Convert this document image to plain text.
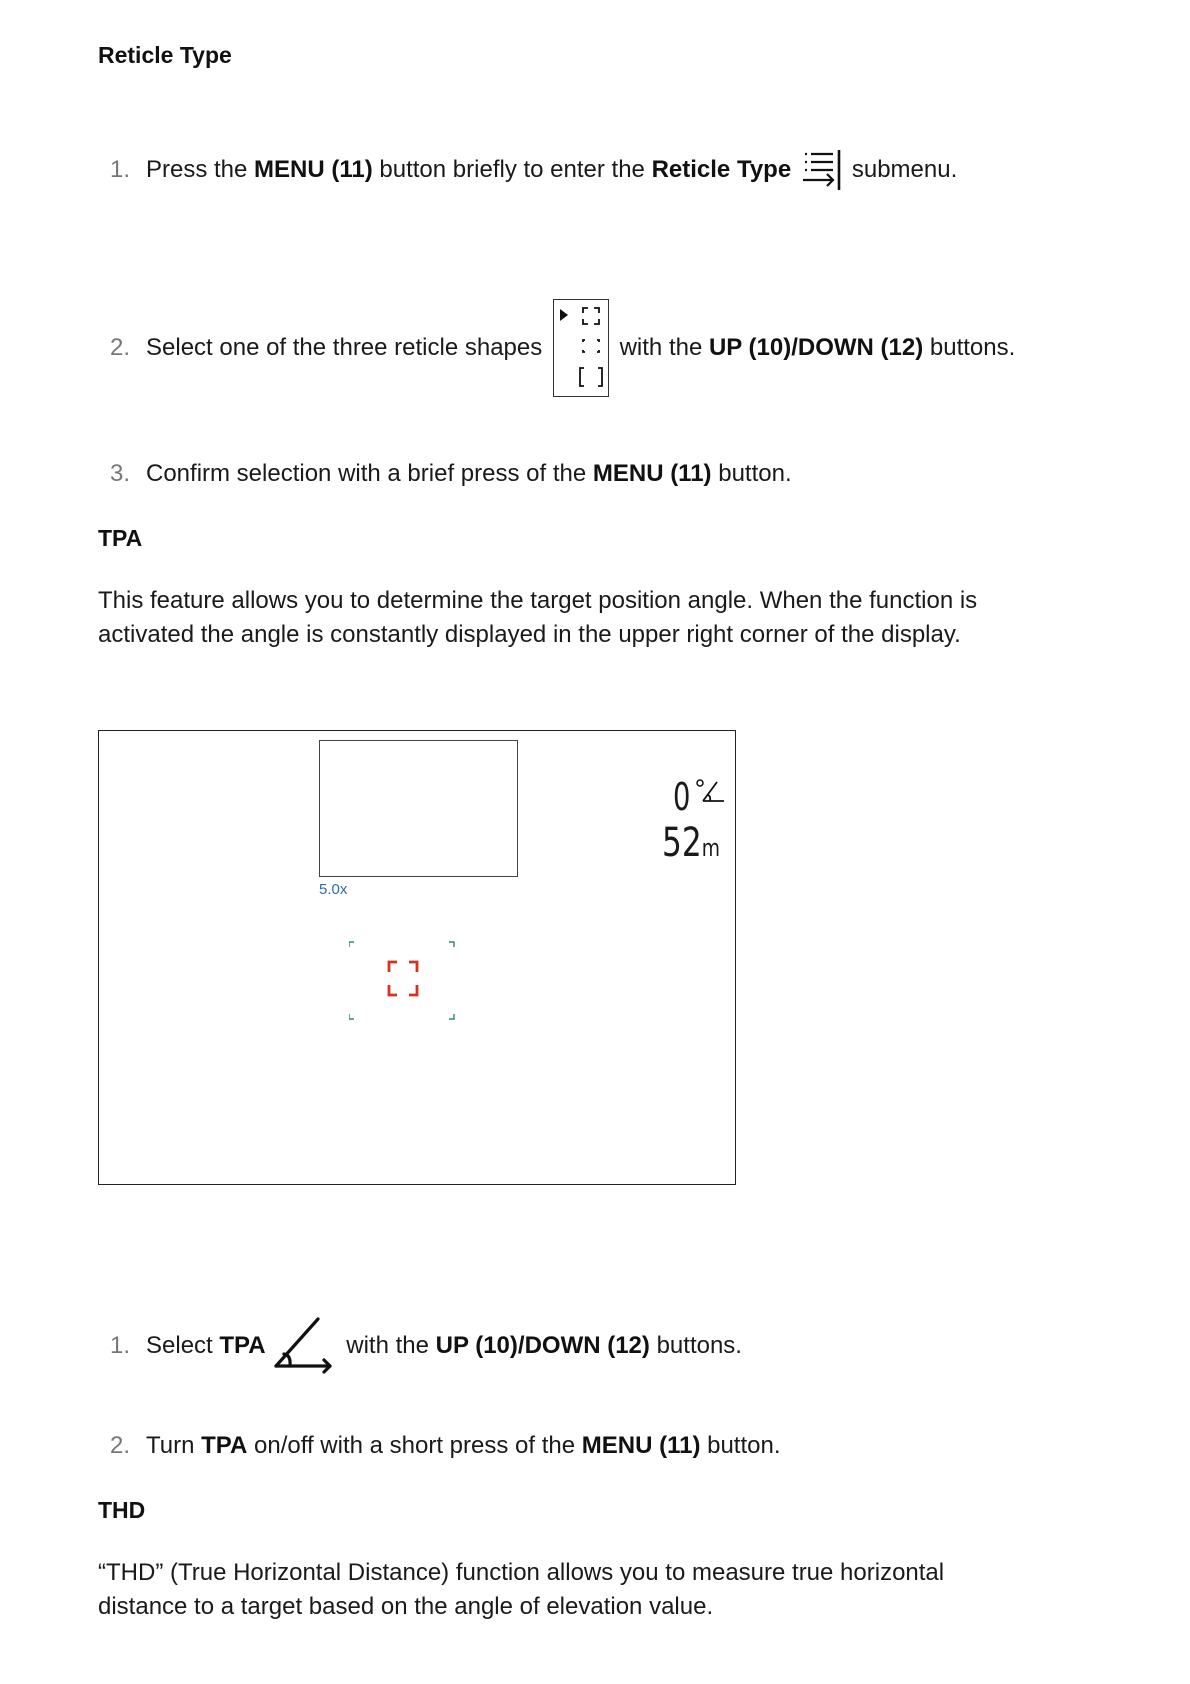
Reticle Type
1. Press the MENU (11) button briefly to enter the Reticle Type submenu.
2. Select one of the three reticle shapes	with the UP (10)/DOWN (12) buttons.
3. Confirm selection with a brief press of the MENU (11) button.
TPA
This feature allows you to determine the target position angle. When the function is
activated the angle is constantly displayed in the upper right corner of the display.
5.0x
0
52m
1. Select TPA	with the UP (10)/DOWN (12) buttons.
2. Turn TPA on/off with a short press of the MENU (11) button.
THD
“THD” (True Horizontal Distance) function allows you to measure true horizontal
distance to a target based on the angle of elevation value.
